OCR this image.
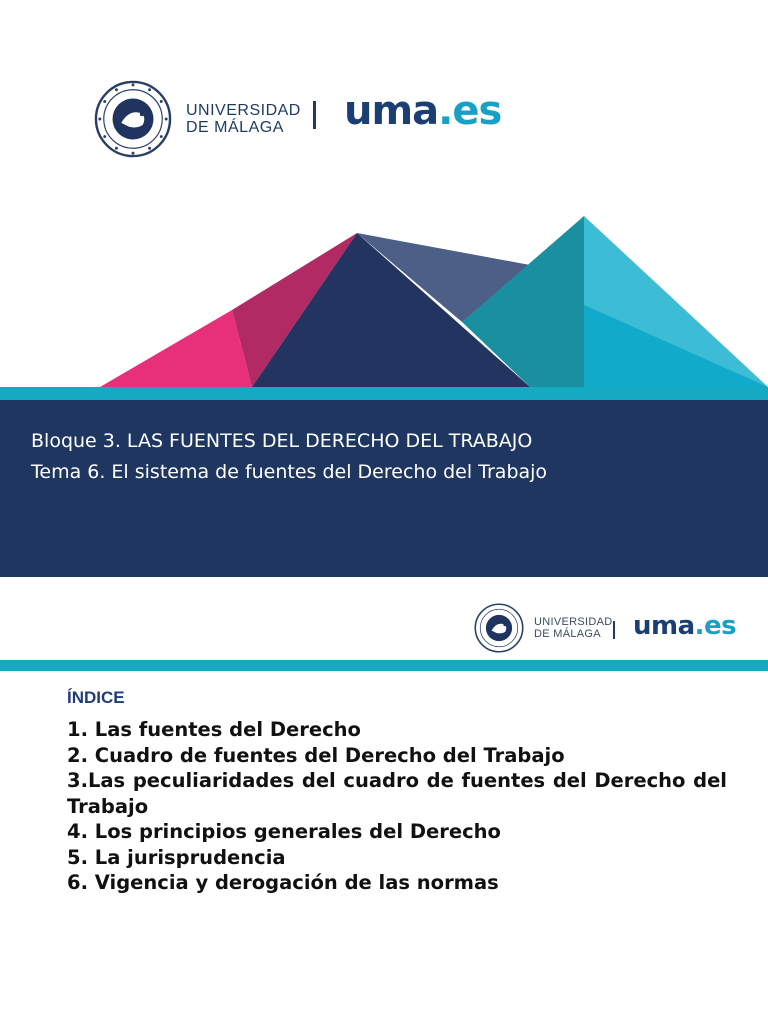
UNIVERSIDAD
DE MÁLAGA	uma.es
Bloque 3. LAS FUENTES DEL DERECHO DEL TRABAJO
Tema 6. El sistema de fuentes del Derecho del Trabajo
UNIVERSIDAD
DE MÁLAGA	uma.es
ÍNDICE
1. Las fuentes del Derecho
2. Cuadro de fuentes del Derecho del Trabajo
3.Las peculiaridades del cuadro de fuentes del Derecho del Trabajo
4. Los principios generales del Derecho
5. La jurisprudencia
6. Vigencia y derogación de las normas
